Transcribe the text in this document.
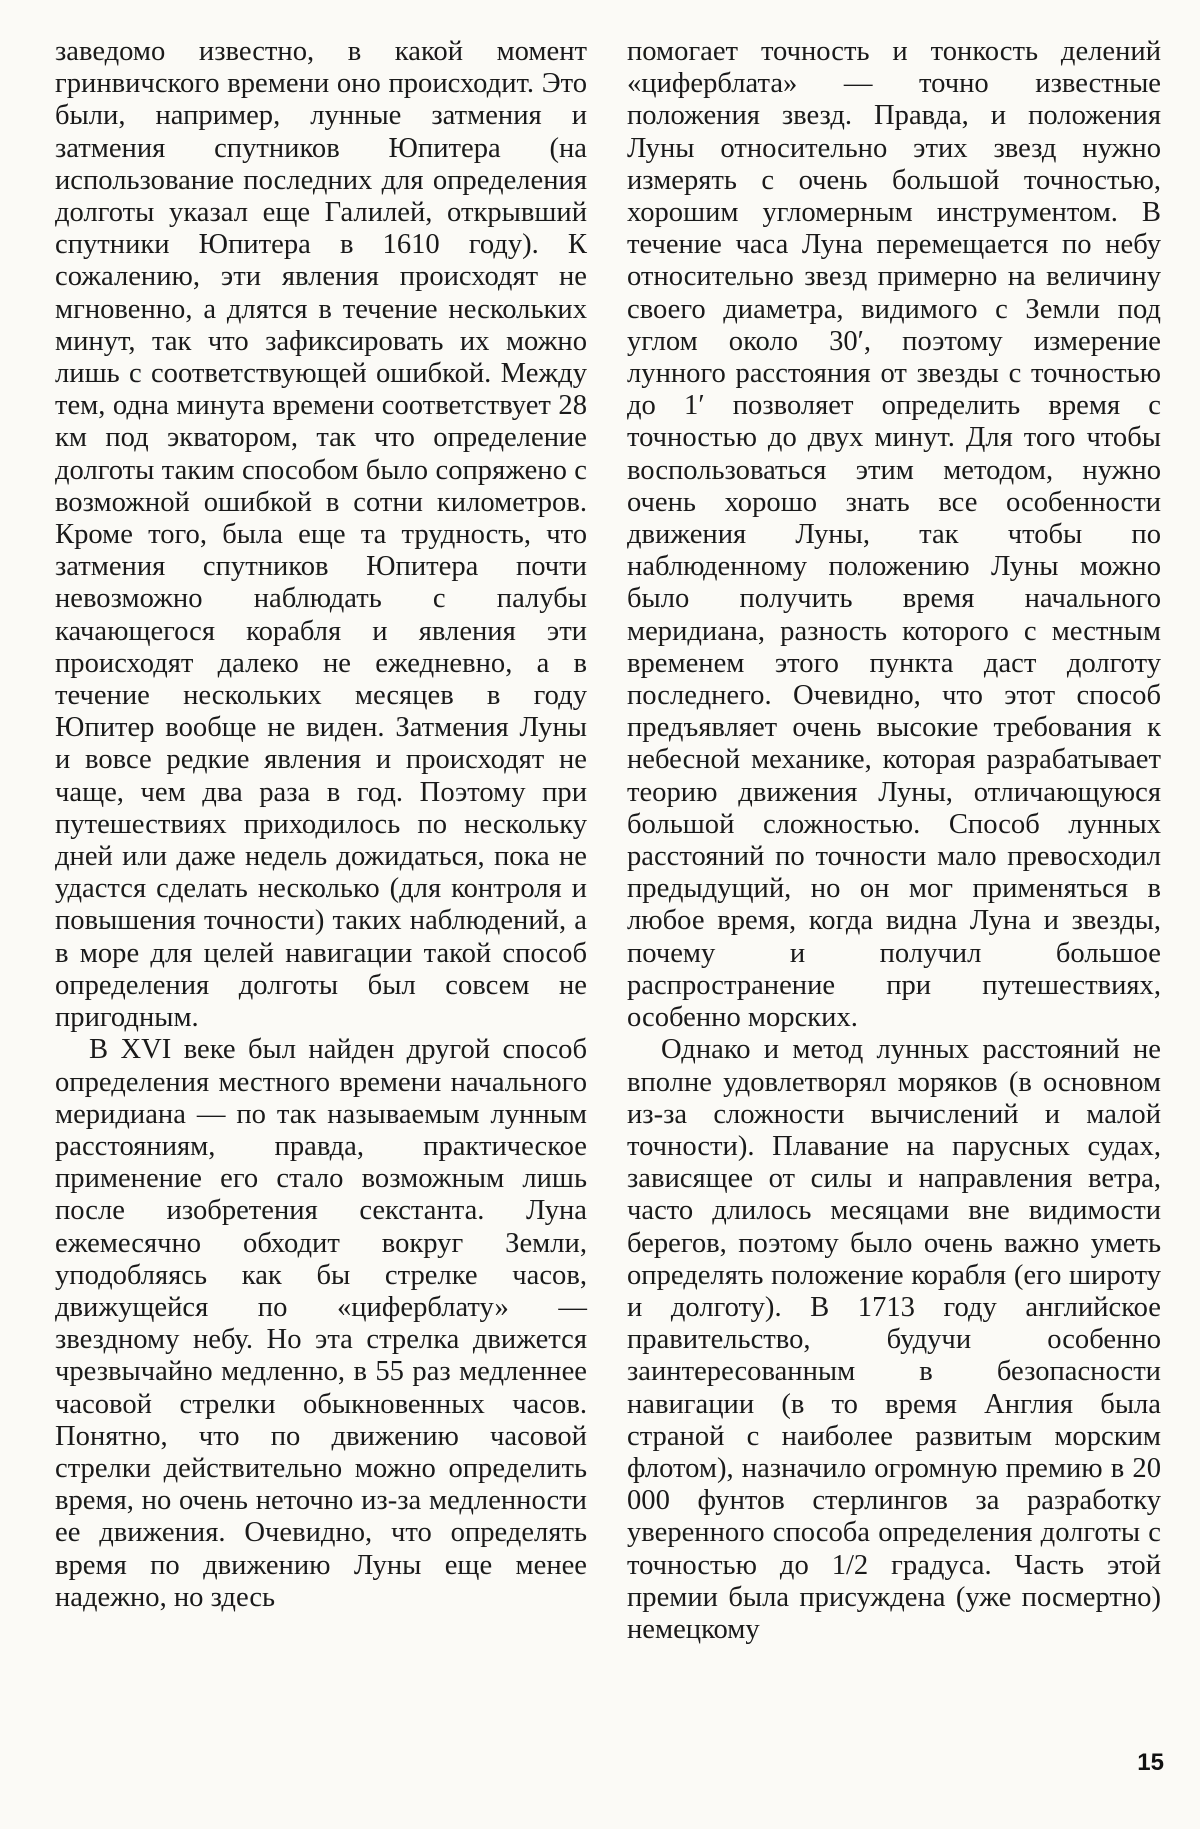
заведомо известно, в какой момент гринвичского времени оно происходит. Это были, например, лунные затмения и затмения спутников Юпитера (на использование последних для определения долготы указал еще Галилей, открывший спутники Юпитера в 1610 году). К сожалению, эти явления происходят не мгновенно, а длятся в течение нескольких минут, так что зафиксировать их можно лишь с соответствующей ошибкой. Между тем, одна минута времени соответствует 28 км под экватором, так что определение долготы таким способом было сопряжено с возможной ошибкой в сотни километров. Кроме того, была еще та трудность, что затмения спутников Юпитера почти невозможно наблюдать с палубы качающегося корабля и явления эти происходят далеко не ежедневно, а в течение нескольких месяцев в году Юпитер вообще не виден. Затмения Луны и вовсе редкие явления и происходят не чаще, чем два раза в год. Поэтому при путешествиях приходилось по нескольку дней или даже недель дожидаться, пока не удастся сделать несколько (для контроля и повышения точности) таких наблюдений, а в море для целей навигации такой способ определения долготы был совсем не пригодным.

В XVI веке был найден другой способ определения местного времени начального меридиана — по так называемым лунным расстояниям, правда, практическое применение его стало возможным лишь после изобретения секстанта. Луна ежемесячно обходит вокруг Земли, уподобляясь как бы стрелке часов, движущейся по «циферблату» — звездному небу. Но эта стрелка движется чрезвычайно медленно, в 55 раз медленнее часовой стрелки обыкновенных часов. Понятно, что по движению часовой стрелки действительно можно определить время, но очень неточно из-за медленности ее движения. Очевидно, что определять время по движению Луны еще менее надежно, но здесь

помогает точность и тонкость делений «циферблата» — точно известные положения звезд. Правда, и положения Луны относительно этих звезд нужно измерять с очень большой точностью, хорошим угломерным инструментом. В течение часа Луна перемещается по небу относительно звезд примерно на величину своего диаметра, видимого с Земли под углом около 30′, поэтому измерение лунного расстояния от звезды с точностью до 1′ позволяет определить время с точностью до двух минут. Для того чтобы воспользоваться этим методом, нужно очень хорошо знать все особенности движения Луны, так чтобы по наблюденному положению Луны можно было получить время начального меридиана, разность которого с местным временем этого пункта даст долготу последнего. Очевидно, что этот способ предъявляет очень высокие требования к небесной механике, которая разрабатывает теорию движения Луны, отличающуюся большой сложностью. Способ лунных расстояний по точности мало превосходил предыдущий, но он мог применяться в любое время, когда видна Луна и звезды, почему и получил большое распространение при путешествиях, особенно морских.

Однако и метод лунных расстояний не вполне удовлетворял моряков (в основном из-за сложности вычислений и малой точности). Плавание на парусных судах, зависящее от силы и направления ветра, часто длилось месяцами вне видимости берегов, поэтому было очень важно уметь определять положение корабля (его широту и долготу). В 1713 году английское правительство, будучи особенно заинтересованным в безопасности навигации (в то время Англия была страной с наиболее развитым морским флотом), назначило огромную премию в 20 000 фунтов стерлингов за разработку уверенного способа определения долготы с точностью до 1/2 градуса. Часть этой премии была присуждена (уже посмертно) немецкому

15
